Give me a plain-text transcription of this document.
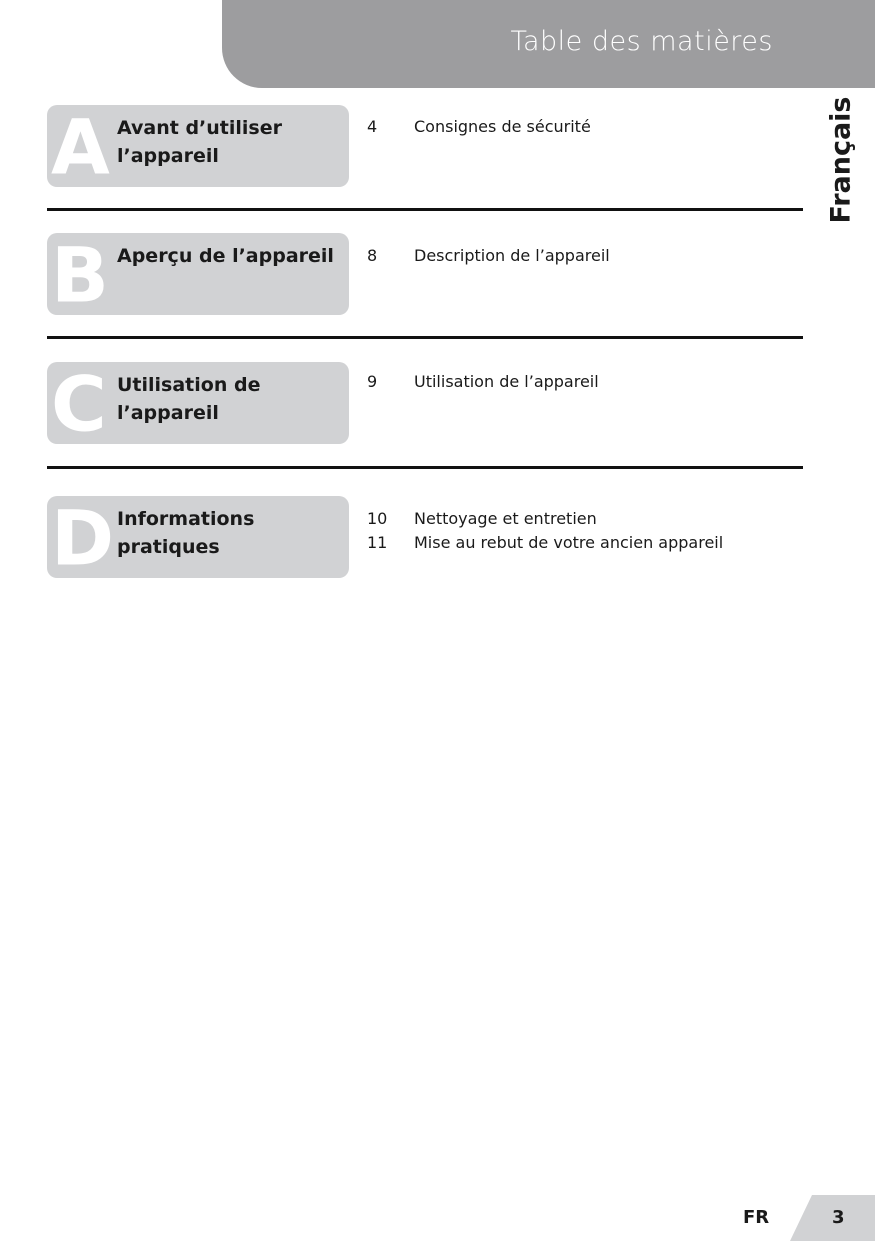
Table des matières
Français
A Avant d’utiliser
l’appareil
4 Consignes de sécurité
B Aperçu de l’appareil	8 Description de l’appareil
C Utilisation de
l’appareil
9 Utilisation de l’appareil
D Informations
pratiques
10 Nettoyage et entretien
11 Mise au rebut de votre ancien appareil
FR	3
